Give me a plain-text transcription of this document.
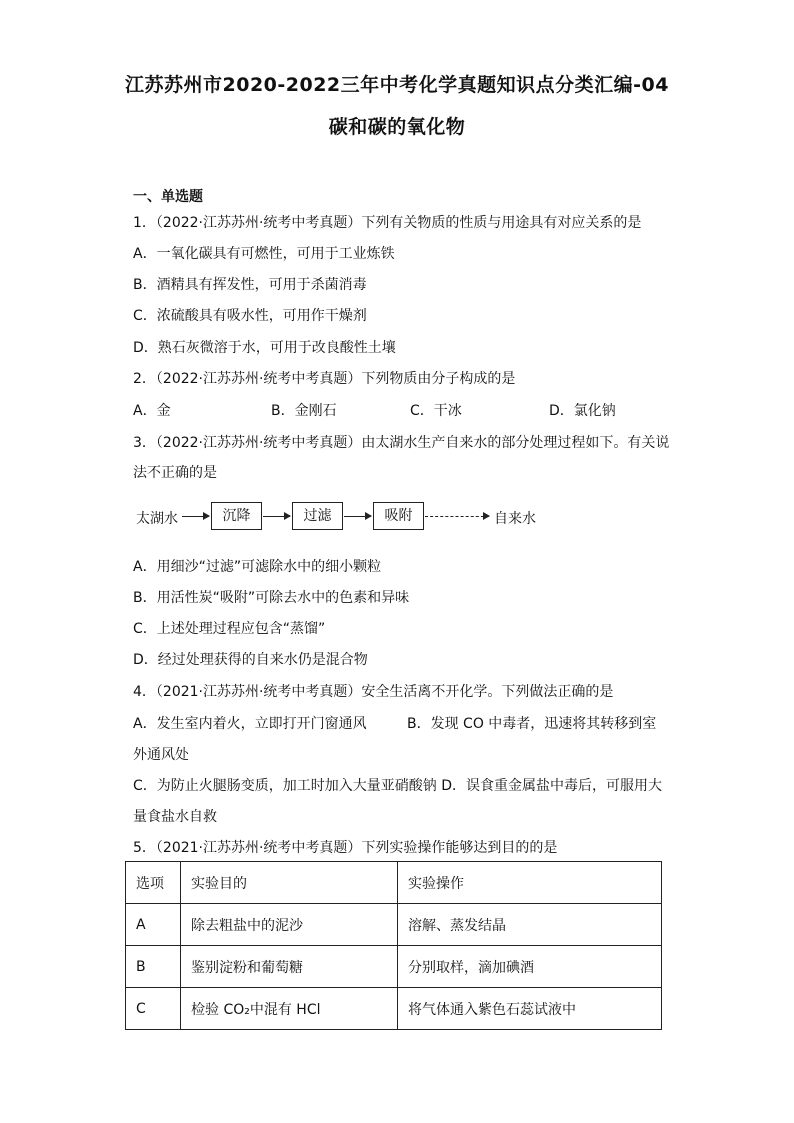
江苏苏州市2020-2022三年中考化学真题知识点分类汇编-04
碳和碳的氧化物
一、单选题
1．（2022·江苏苏州·统考中考真题）下列有关物质的性质与用途具有对应关系的是
A．一氧化碳具有可燃性，可用于工业炼铁
B．酒精具有挥发性，可用于杀菌消毒
C．浓硫酸具有吸水性，可用作干燥剂
D．熟石灰微溶于水，可用于改良酸性土壤
2．（2022·江苏苏州·统考中考真题）下列物质由分子构成的是
A．金	B．金刚石	C．干冰	D．氯化钠
3．（2022·江苏苏州·统考中考真题）由太湖水生产自来水的部分处理过程如下。有关说
法不正确的是
太湖水	沉降	过滤	吸附	自来水
A．用细沙“过滤”可滤除水中的细小颗粒
B．用活性炭“吸附”可除去水中的色素和异味
C．上述处理过程应包含“蒸馏”
D．经过处理获得的自来水仍是混合物
4．（2021·江苏苏州·统考中考真题）安全生活离不开化学。下列做法正确的是
A．发生室内着火，立即打开门窗通风	B．发现 CO 中毒者，迅速将其转移到室
外通风处
C．为防止火腿肠变质，加工时加入大量亚硝酸钠 D．误食重金属盐中毒后，可服用大
量食盐水自救
5．（2021·江苏苏州·统考中考真题）下列实验操作能够达到目的的是
选项	实验目的	实验操作
A	除去粗盐中的泥沙	溶解、蒸发结晶
B	鉴别淀粉和葡萄糖	分别取样，滴加碘酒
C	检验 CO₂中混有 HCl	将气体通入紫色石蕊试液中
